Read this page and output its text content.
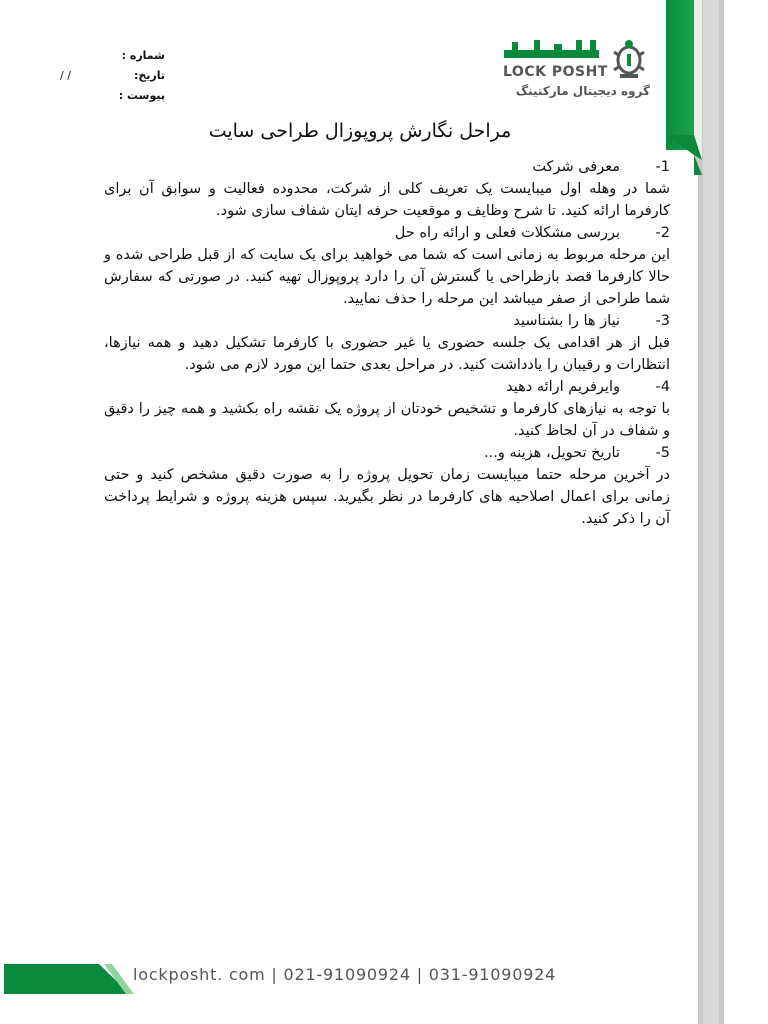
شماره :
تاریخ:
/ /
پیوست :
LOCK POSHT
گروه دیجیتال مارکتینگ
مراحل نگارش پروپوزال طراحی سایت
-1
معرفی شرکت
شما در وهله اول میبایست یک تعریف کلی از شرکت، محدوده فعالیت و سوابق آن برای کارفرما ارائه کنید. تا شرح وظایف و موقعیت حرفه ایتان شفاف سازی شود.
-2
بررسی مشکلات فعلی و ارائه راه حل
این مرحله مربوط به زمانی است که شما می خواهید برای یک سایت که از قبل طراحی شده و حالا کارفرما قصد بازطراحی یا گسترش آن را دارد پروپوزال تهیه کنید. در صورتی که سفارش شما طراحی از صفر میباشد این مرحله را حذف نمایید.
-3
نیاز ها را بشناسید
قبل از هر اقدامی یک جلسه حضوری یا غیر حضوری با کارفرما تشکیل دهید و همه نیازها، انتظارات و رقیبان را یادداشت کنید. در مراحل بعدی حتما این مورد لازم می شود.
-4
وایرفریم ارائه دهید
با توجه به نیازهای کارفرما و تشخیص خودتان از پروژه یک نقشه راه بکشید و همه چیز را دقیق و شفاف در آن لحاظ کنید.
-5
تاریخ تحویل، هزینه و...
در آخرین مرحله حتما میبایست زمان تحویل پروژه را به صورت دقیق مشخص کنید و حتی زمانی برای اعمال اصلاحیه های کارفرما در نظر بگیرید. سپس هزینه پروژه و شرایط پرداخت آن را ذکر کنید.
lockposht. com | 021-91090924 | 031-91090924
